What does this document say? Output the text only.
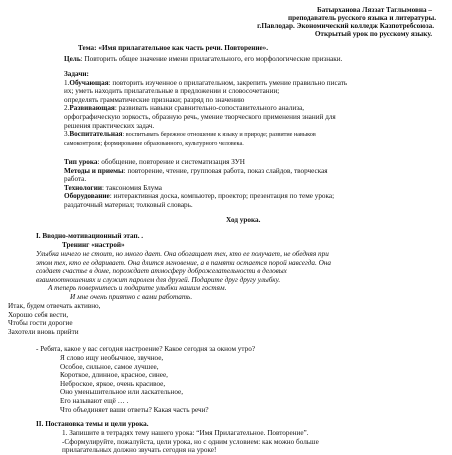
Батырханова Ляззат Таглымовна –
преподаватель русского языка и литературы.
г.Павлодар. Экономический колледж Казпотребсоюза.
Открытый урок по русскому языку.
Тема: «Имя прилагательное как часть речи. Повторение».
Цель: Повторить общее значение имени прилагательного, его морфологические признаки.
Задачи:
1.Обучающая: повторить изученное о прилагательном, закрепить умение правильно писать
их; уметь находить прилагательные в предложении и словосочетании;
определять грамматические признаки; разряд по значению
2.Развивающая: развивать навыки сравнительно-сопоставительного анализа,
орфографическую зоркость, образную речь, умение творческого применения знаний для
решения практических задач.
3.Воспитательная: воспитывать бережное отношение к языку и природе; развитие навыков
самоконтроля; формирование образованного, культурного человека.
Тип урока: обобщение, повторение и систематизация ЗУН
Методы и приемы: повторение, чтение, групповая работа, показ слайдов, творческая
работа.
Технологии: таксономия Блума
Оборудование: интерактивная доска, компьютер, проектор; презентация по теме урока;
раздаточный материал; толковый словарь.
Ход урока.
I. Вводно-мотивационный этап. .
Тренинг «настрой»
Улыбка ничего не стоит, но много дает. Она обогащает тех, кто ее получает, не обедняя при
этом тех, кто ее одаривает. Она длится мгновение, а в памяти остается порой навсегда. Она
создает счастье в доме, порождает атмосферу доброжелательности в деловых
взаимоотношениях и служит паролем для друзей. Подарите друг другу улыбку.
А теперь повернитесь и подарите улыбки нашим гостям.
И мне очень приятно с вами работать.
Итак, будем отвечать активно,
Хорошо себя вести,
Чтобы гости дорогие
Захотели вновь прийти
- Ребята, какое у вас сегодня настроение? Какое сегодня за окном утро?
Я слово ищу необычное, звучное,
Особое, сильное, самое лучшее,
Короткое, длинное, красное, синее,
Неброское, яркое, очень красивое,
Оно уменьшительное или ласкательное,
Его называют ещё … .
Что объединяет ваши ответы? Какая часть речи?
II. Постановка темы и цели урока.
1. Запишите в тетрадях тему нашего урока: “Имя Прилагательное. Повторение”.
-Сформулируйте, пожалуйста, цели урока, но с одним условием: как можно больше
прилагательных должно звучать сегодня на уроке!
